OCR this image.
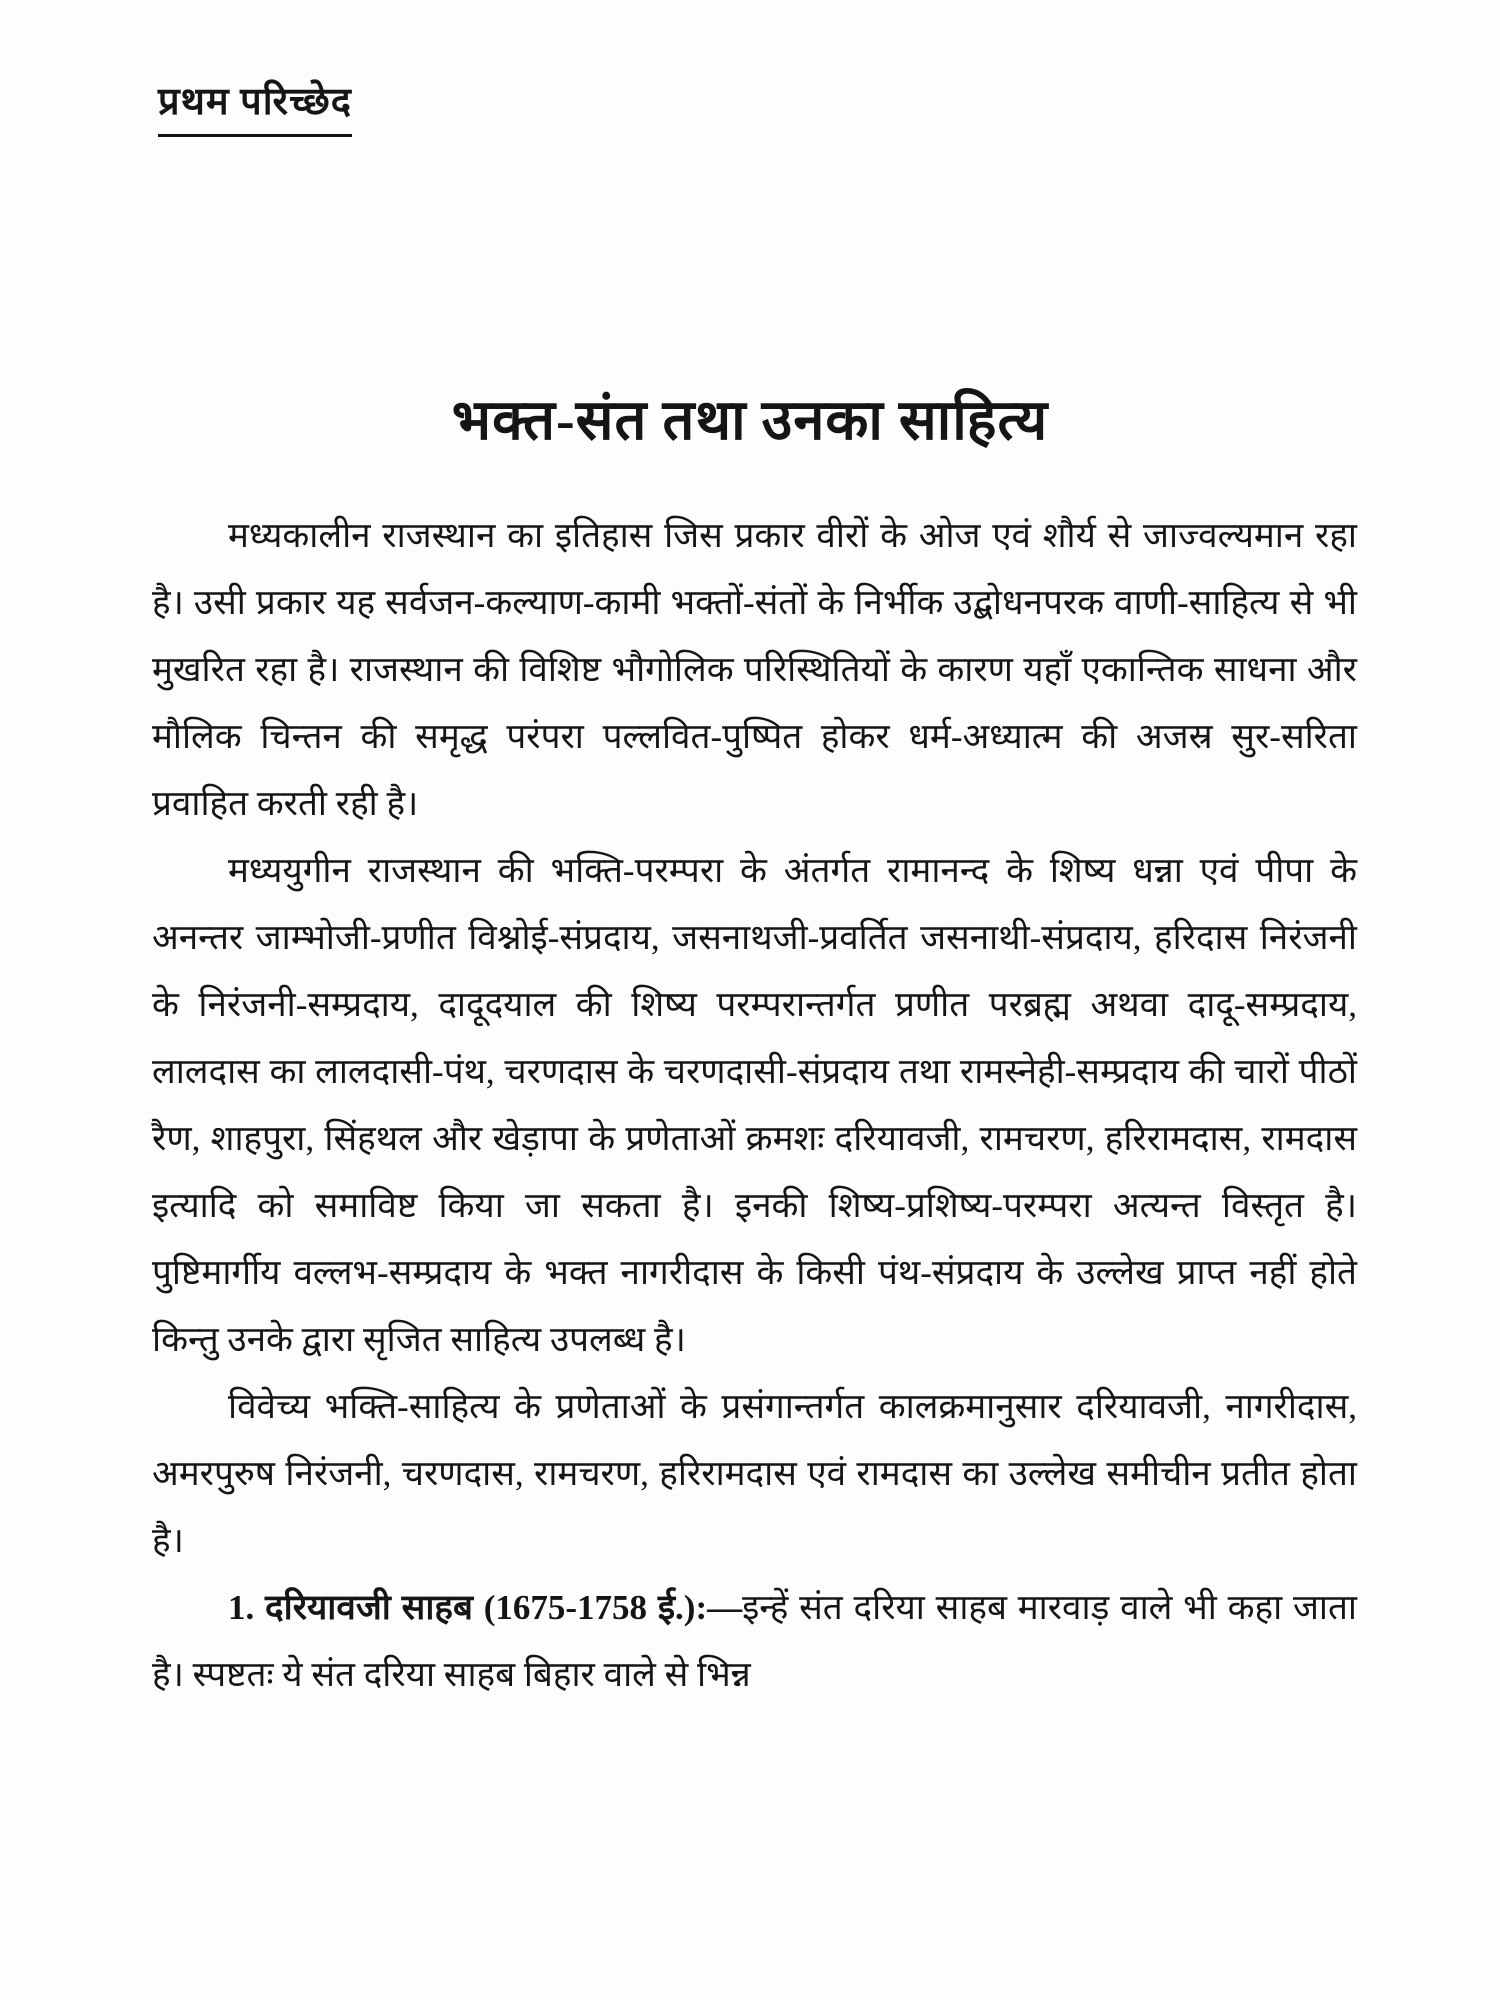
प्रथम परिच्छेद
भक्त-संत तथा उनका साहित्य

मध्यकालीन राजस्थान का इतिहास जिस प्रकार वीरों के ओज एवं शौर्य से जाज्वल्यमान रहा है। उसी प्रकार यह सर्वजन-कल्याण-कामी भक्तों-संतों के निर्भीक उद्बोधनपरक वाणी-साहित्य से भी मुखरित रहा है। राजस्थान की विशिष्ट भौगोलिक परिस्थितियों के कारण यहाँ एकान्तिक साधना और मौलिक चिन्तन की समृद्ध परंपरा पल्लवित-पुष्पित होकर धर्म-अध्यात्म की अजस्र सुर-सरिता प्रवाहित करती रही है।

मध्ययुगीन राजस्थान की भक्ति-परम्परा के अंतर्गत रामानन्द के शिष्य धन्ना एवं पीपा के अनन्तर जाम्भोजी-प्रणीत विश्नोई-संप्रदाय, जसनाथजी-प्रवर्तित जसनाथी-संप्रदाय, हरिदास निरंजनी के निरंजनी-सम्प्रदाय, दादूदयाल की शिष्य परम्परान्तर्गत प्रणीत परब्रह्म अथवा दादू-सम्प्रदाय, लालदास का लालदासी-पंथ, चरणदास के चरणदासी-संप्रदाय तथा रामस्नेही-सम्प्रदाय की चारों पीठों रैण, शाहपुरा, सिंहथल और खेड़ापा के प्रणेताओं क्रमशः दरियावजी, रामचरण, हरिरामदास, रामदास इत्यादि को समाविष्ट किया जा सकता है। इनकी शिष्य-प्रशिष्य-परम्परा अत्यन्त विस्तृत है। पुष्टिमार्गीय वल्लभ-सम्प्रदाय के भक्त नागरीदास के किसी पंथ-संप्रदाय के उल्लेख प्राप्त नहीं होते किन्तु उनके द्वारा सृजित साहित्य उपलब्ध है।

विवेच्य भक्ति-साहित्य के प्रणेताओं के प्रसंगान्तर्गत कालक्रमानुसार दरियावजी, नागरीदास, अमरपुरुष निरंजनी, चरणदास, रामचरण, हरिरामदास एवं रामदास का उल्लेख समीचीन प्रतीत होता है।

1. दरियावजी साहब (1675-1758 ई.):—इन्हें संत दरिया साहब मारवाड़ वाले भी कहा जाता है। स्पष्टतः ये संत दरिया साहब बिहार वाले से भिन्न
